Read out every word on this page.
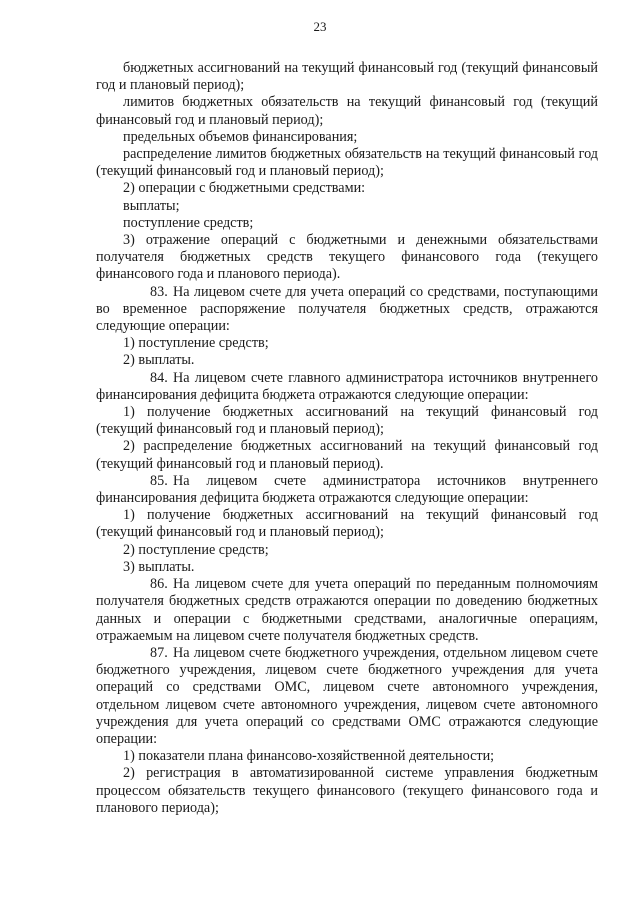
23

бюджетных ассигнований на текущий финансовый год (текущий финансовый год и плановый период);

лимитов бюджетных обязательств на текущий финансовый год (текущий финансовый год и плановый период);

предельных объемов финансирования;

распределение лимитов бюджетных обязательств на текущий финансовый год (текущий финансовый год и плановый период);

2) операции с бюджетными средствами:

выплаты;

поступление средств;

3) отражение операций с бюджетными и денежными обязательствами получателя бюджетных средств текущего финансового года (текущего финансового года и планового периода).

83. На лицевом счете для учета операций со средствами, поступающими во временное распоряжение получателя бюджетных средств, отражаются следующие операции:

1) поступление средств;

2) выплаты.

84. На лицевом счете главного администратора источников внутреннего финансирования дефицита бюджета отражаются следующие операции:

1) получение бюджетных ассигнований на текущий финансовый год (текущий финансовый год и плановый период);

2) распределение бюджетных ассигнований на текущий финансовый год (текущий финансовый год и плановый период).

85. На лицевом счете администратора источников внутреннего финансирования дефицита бюджета отражаются следующие операции:

1) получение бюджетных ассигнований на текущий финансовый год (текущий финансовый год и плановый период);

2) поступление средств;

3) выплаты.

86. На лицевом счете для учета операций по переданным полномочиям получателя бюджетных средств отражаются операции по доведению бюджетных данных и операции с бюджетными средствами, аналогичные операциям, отражаемым на лицевом счете получателя бюджетных средств.

87. На лицевом счете бюджетного учреждения, отдельном лицевом счете бюджетного учреждения, лицевом счете бюджетного учреждения для учета операций со средствами ОМС, лицевом счете автономного учреждения, отдельном лицевом счете автономного учреждения, лицевом счете автономного учреждения для учета операций со средствами ОМС отражаются следующие операции:

1) показатели плана финансово-хозяйственной деятельности;

2) регистрация в автоматизированной системе управления бюджетным процессом обязательств текущего финансового (текущего финансового года и планового периода);
